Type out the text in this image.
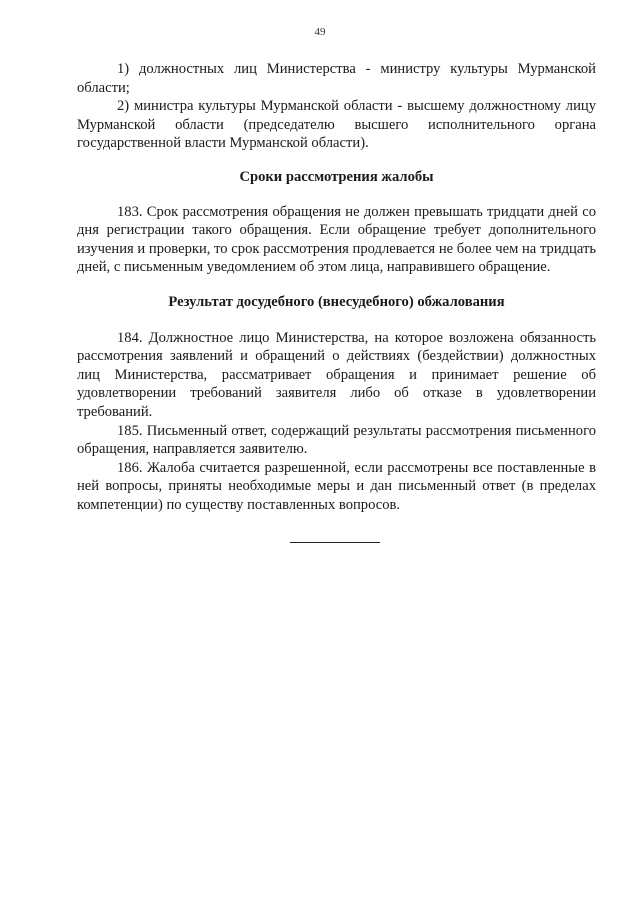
49

1) должностных лиц Министерства - министру культуры Мурманской области;

2) министра культуры Мурманской области - высшему должностному лицу Мурманской области (председателю высшего исполнительного органа государственной власти Мурманской области).

Сроки рассмотрения жалобы

183. Срок рассмотрения обращения не должен превышать тридцати дней со дня регистрации такого обращения. Если обращение требует дополнительного изучения и проверки, то срок рассмотрения продлевается не более чем на тридцать дней, с письменным уведомлением об этом лица, направившего обращение.

Результат досудебного (внесудебного) обжалования

184. Должностное лицо Министерства, на которое возложена обязанность рассмотрения заявлений и обращений о действиях (бездействии) должностных лиц Министерства, рассматривает обращения и принимает решение об удовлетворении требований заявителя либо об отказе в удовлетворении требований.

185. Письменный ответ, содержащий результаты рассмотрения письменного обращения, направляется заявителю.

186. Жалоба считается разрешенной, если рассмотрены все поставленные в ней вопросы, приняты необходимые меры и дан письменный ответ (в пределах компетенции) по существу поставленных вопросов.
